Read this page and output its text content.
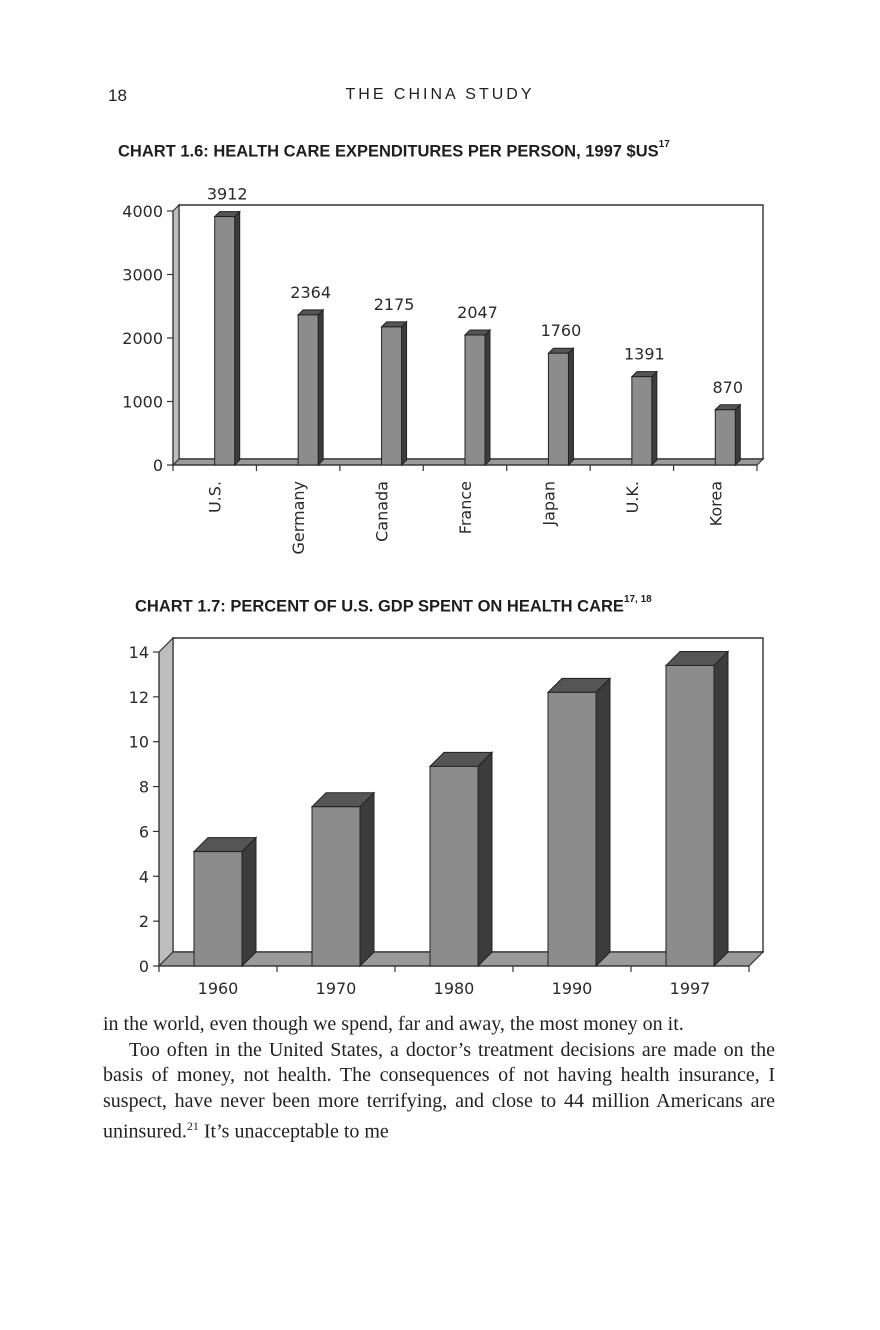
18	THE CHINA STUDY
CHART 1.6: HEALTH CARE EXPENDITURES PER PERSON, 1997 $US$^{17}$
0
1000
2000
3000
4000
3912
U.S.
2364
Germany
2175
Canada
2047
France
1760
Japan
1391
U.K.
870
Korea
CHART 1.7: PERCENT OF U.S. GDP SPENT ON HEALTH CARE$^{17, 18}$
0
2
4
6
8
10
12
14
1960	1970	1980	1990	1997

in the world, even though we spend, far and away, the most money on it.

Too often in the United States, a doctor’s treatment decisions are made on the basis of money, not health. The consequences of not having health insurance, I suspect, have never been more terrifying, and close to 44 million Americans are uninsured.$^{21}$ It’s unacceptable to me
